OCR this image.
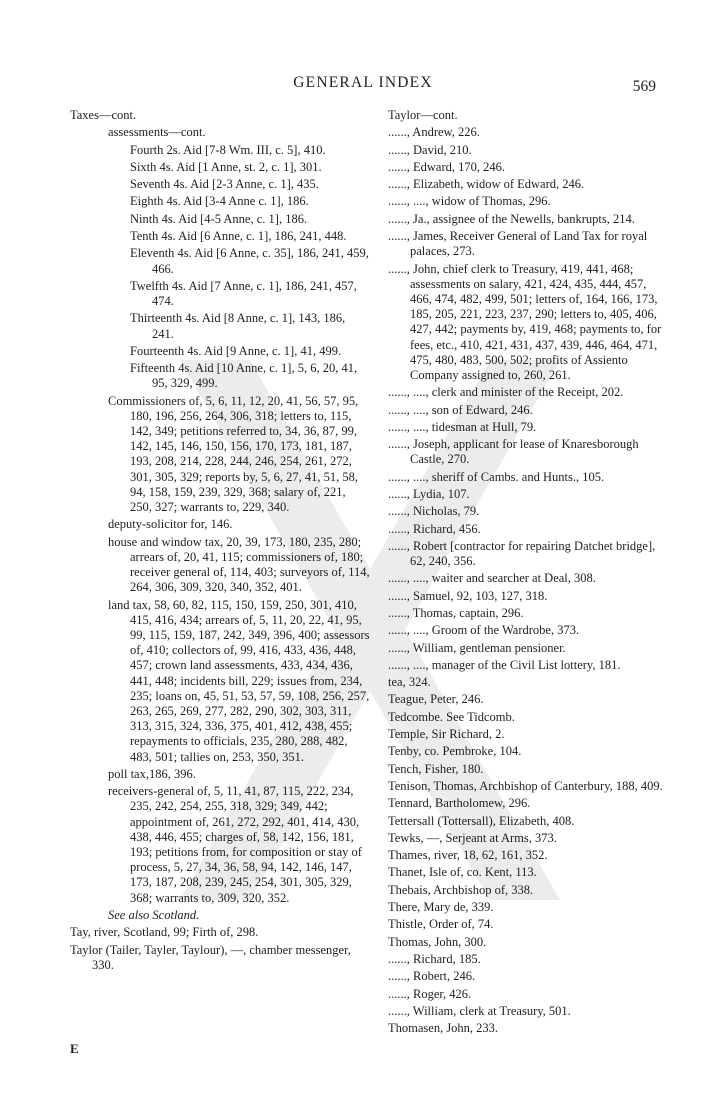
GENERAL INDEX	569
Taxes—cont.
assessments—cont.
Fourth 2s. Aid [7-8 Wm. III, c. 5], 410.
Sixth 4s. Aid [1 Anne, st. 2, c. 1], 301.
Seventh 4s. Aid [2-3 Anne, c. 1], 435.
Eighth 4s. Aid [3-4 Anne c. 1], 186.
Ninth 4s. Aid [4-5 Anne, c. 1], 186.
Tenth 4s. Aid [6 Anne, c. 1], 186, 241, 448.
Eleventh 4s. Aid [6 Anne, c. 35], 186, 241, 459, 466.
Twelfth 4s. Aid [7 Anne, c. 1], 186, 241, 457, 474.
Thirteenth 4s. Aid [8 Anne, c. 1], 143, 186, 241.
Fourteenth 4s. Aid [9 Anne, c. 1], 41, 499.
Fifteenth 4s. Aid [10 Anne, c. 1], 5, 6, 20, 41, 95, 329, 499.
Commissioners of, 5, 6, 11, 12, 20, 41, 56, 57, 95, 180, 196, 256, 264, 306, 318; letters to, 115, 142, 349; petitions referred to, 34, 36, 87, 99, 142, 145, 146, 150, 156, 170, 173, 181, 187, 193, 208, 214, 228, 244, 246, 254, 261, 272, 301, 305, 329; reports by, 5, 6, 27, 41, 51, 58, 94, 158, 159, 239, 329, 368; salary of, 221, 250, 327; warrants to, 229, 340.
deputy-solicitor for, 146.
house and window tax, 20, 39, 173, 180, 235, 280; arrears of, 20, 41, 115; commissioners of, 180; receiver general of, 114, 403; surveyors of, 114, 264, 306, 309, 320, 340, 352, 401.
land tax, 58, 60, 82, 115, 150, 159, 250, 301, 410, 415, 416, 434; arrears of, 5, 11, 20, 22, 41, 95, 99, 115, 159, 187, 242, 349, 396, 400; assessors of, 410; collectors of, 99, 416, 433, 436, 448, 457; crown land assessments, 433, 434, 436, 441, 448; incidents bill, 229; issues from, 234, 235; loans on, 45, 51, 53, 57, 59, 108, 256, 257, 263, 265, 269, 277, 282, 290, 302, 303, 311, 313, 315, 324, 336, 375, 401, 412, 438, 455; repayments to officials, 235, 280, 288, 482, 483, 501; tallies on, 253, 350, 351.
poll tax,186, 396.
receivers-general of, 5, 11, 41, 87, 115, 222, 234, 235, 242, 254, 255, 318, 329; 349, 442; appointment of, 261, 272, 292, 401, 414, 430, 438, 446, 455; charges of, 58, 142, 156, 181, 193; petitions from, for composition or stay of process, 5, 27, 34, 36, 58, 94, 142, 146, 147, 173, 187, 208, 239, 245, 254, 301, 305, 329, 368; warrants to, 309, 320, 352.
See also Scotland.
Tay, river, Scotland, 99; Firth of, 298.
Taylor (Tailer, Tayler, Taylour), —, chamber messenger, 330.
Taylor—cont.
......, Andrew, 226.
......, David, 210.
......, Edward, 170, 246.
......, Elizabeth, widow of Edward, 246.
......, ...., widow of Thomas, 296.
......, Ja., assignee of the Newells, bankrupts, 214.
......, James, Receiver General of Land Tax for royal palaces, 273.
......, John, chief clerk to Treasury, 419, 441, 468; assessments on salary, 421, 424, 435, 444, 457, 466, 474, 482, 499, 501; letters of, 164, 166, 173, 185, 205, 221, 223, 237, 290; letters to, 405, 406, 427, 442; payments by, 419, 468; payments to, for fees, etc., 410, 421, 431, 437, 439, 446, 464, 471, 475, 480, 483, 500, 502; profits of Assiento Company assigned to, 260, 261.
......, ...., clerk and minister of the Receipt, 202.
......, ...., son of Edward, 246.
......, ...., tidesman at Hull, 79.
......, Joseph, applicant for lease of Knaresborough Castle, 270.
......, ...., sheriff of Cambs. and Hunts., 105.
......, Lydia, 107.
......, Nicholas, 79.
......, Richard, 456.
......, Robert [contractor for repairing Datchet bridge], 62, 240, 356.
......, ...., waiter and searcher at Deal, 308.
......, Samuel, 92, 103, 127, 318.
......, Thomas, captain, 296.
......, ...., Groom of the Wardrobe, 373.
......, William, gentleman pensioner.
......, ...., manager of the Civil List lottery, 181.
tea, 324.
Teague, Peter, 246.
Tedcombe. See Tidcomb.
Temple, Sir Richard, 2.
Tenby, co. Pembroke, 104.
Tench, Fisher, 180.
Tenison, Thomas, Archbishop of Canterbury, 188, 409.
Tennard, Bartholomew, 296.
Tettersall (Tottersall), Elizabeth, 408.
Tewks, —, Serjeant at Arms, 373.
Thames, river, 18, 62, 161, 352.
Thanet, Isle of, co. Kent, 113.
Thebais, Archbishop of, 338.
There, Mary de, 339.
Thistle, Order of, 74.
Thomas, John, 300.
......, Richard, 185.
......, Robert, 246.
......, Roger, 426.
......, William, clerk at Treasury, 501.
Thomasen, John, 233.
E
